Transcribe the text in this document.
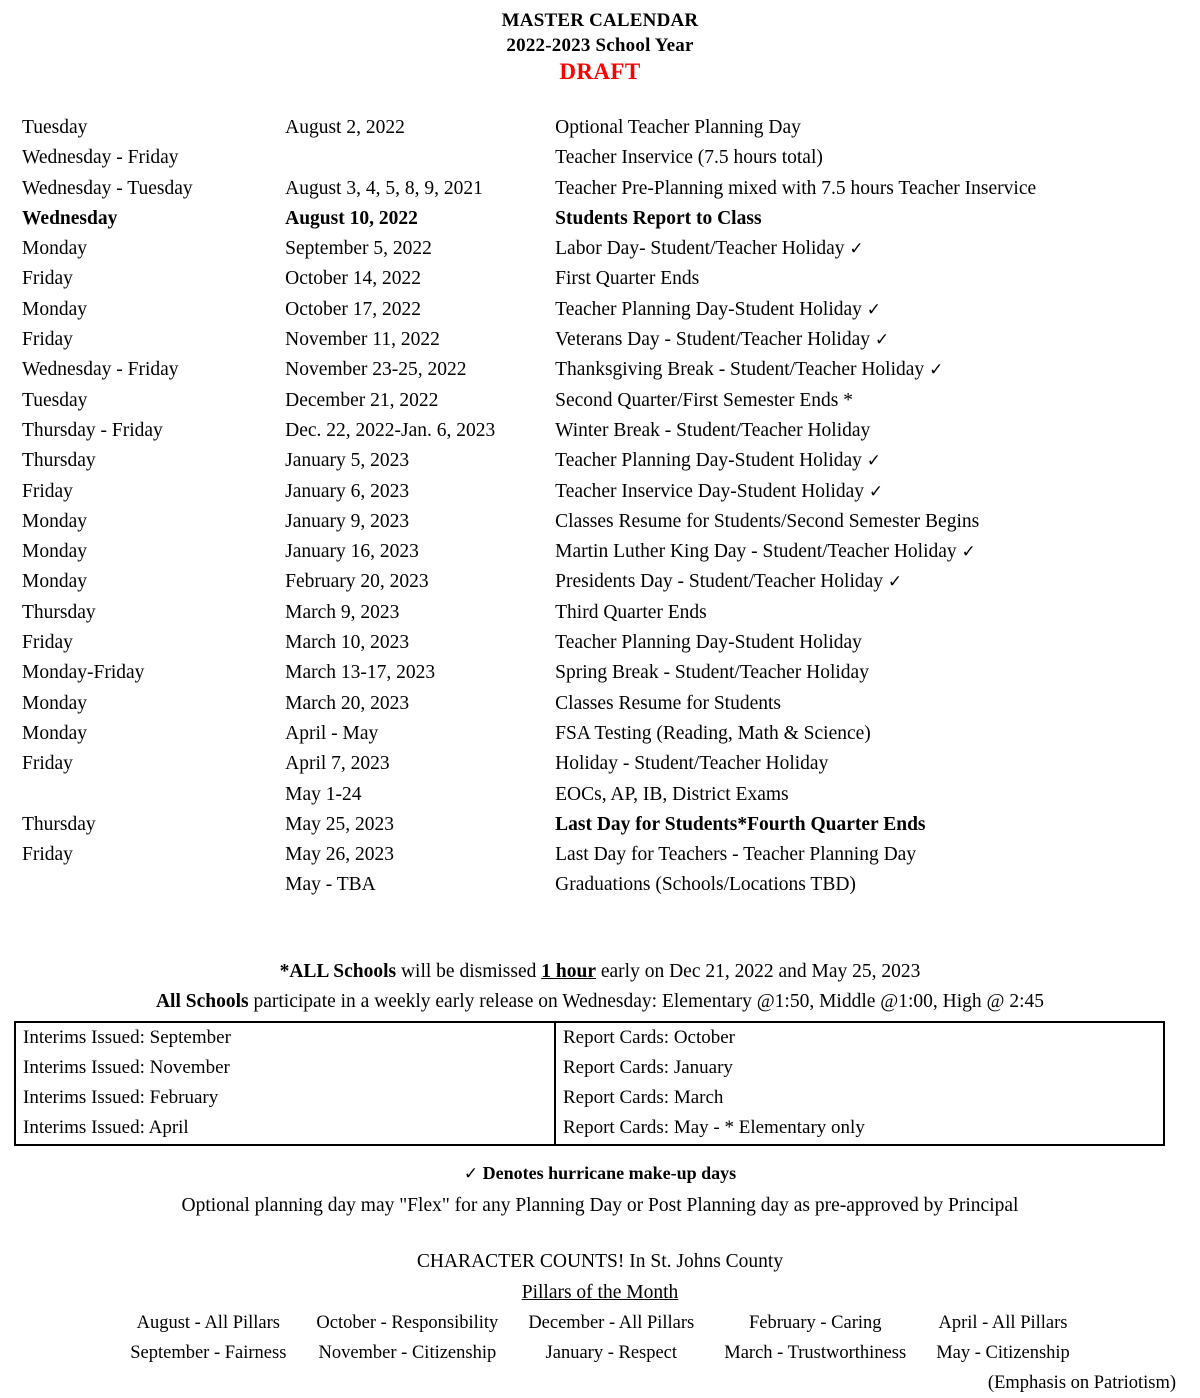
MASTER CALENDAR
2022-2023 School Year
DRAFT
Tuesday	August 2, 2022	Optional Teacher Planning Day
Wednesday - Friday		Teacher Inservice (7.5 hours total)
Wednesday - Tuesday	August 3, 4, 5, 8, 9, 2021	Teacher Pre-Planning mixed with 7.5 hours Teacher Inservice
Wednesday	August 10, 2022	Students Report to Class
Monday	September 5, 2022	Labor Day- Student/Teacher Holiday ✓
Friday	October 14, 2022	First Quarter Ends
Monday	October 17, 2022	Teacher Planning Day-Student Holiday ✓
Friday	November 11, 2022	Veterans Day - Student/Teacher Holiday ✓
Wednesday - Friday	November 23-25, 2022	Thanksgiving Break - Student/Teacher Holiday ✓
Tuesday	December 21, 2022	Second Quarter/First Semester Ends *
Thursday - Friday	Dec. 22, 2022-Jan. 6, 2023	Winter Break - Student/Teacher Holiday
Thursday	January 5, 2023	Teacher Planning Day-Student Holiday ✓
Friday	January 6, 2023	Teacher Inservice Day-Student Holiday ✓
Monday	January 9, 2023	Classes Resume for Students/Second Semester Begins
Monday	January 16, 2023	Martin Luther King Day - Student/Teacher Holiday ✓
Monday	February 20, 2023	Presidents Day - Student/Teacher Holiday ✓
Thursday	March 9, 2023	Third Quarter Ends
Friday	March 10, 2023	Teacher Planning Day-Student Holiday
Monday-Friday	March 13-17, 2023	Spring Break - Student/Teacher Holiday
Monday	March 20, 2023	Classes Resume for Students
Monday	April - May	FSA Testing (Reading, Math & Science)
Friday	April 7, 2023	Holiday - Student/Teacher Holiday
	May 1-24	EOCs, AP, IB, District Exams
Thursday	May 25, 2023	Last Day for Students*Fourth Quarter Ends
Friday	May 26, 2023	Last Day for Teachers - Teacher Planning Day
	May - TBA	Graduations (Schools/Locations TBD)
*ALL Schools will be dismissed 1 hour early on Dec 21, 2022 and May 25, 2023
All Schools participate in a weekly early release on Wednesday: Elementary @1:50, Middle @1:00, High @ 2:45
Interims Issued: September	Report Cards: October
Interims Issued: November	Report Cards: January
Interims Issued: February	Report Cards: March
Interims Issued: April	Report Cards: May - * Elementary only
✓ Denotes hurricane make-up days
Optional planning day may "Flex" for any Planning Day or Post Planning day as pre-approved by Principal
CHARACTER COUNTS! In St. Johns County
Pillars of the Month
August - All Pillars	October - Responsibility	December - All Pillars	February - Caring	April - All Pillars
September - Fairness	November - Citizenship	January - Respect	March - Trustworthiness	May - Citizenship
(Emphasis on Patriotism)
